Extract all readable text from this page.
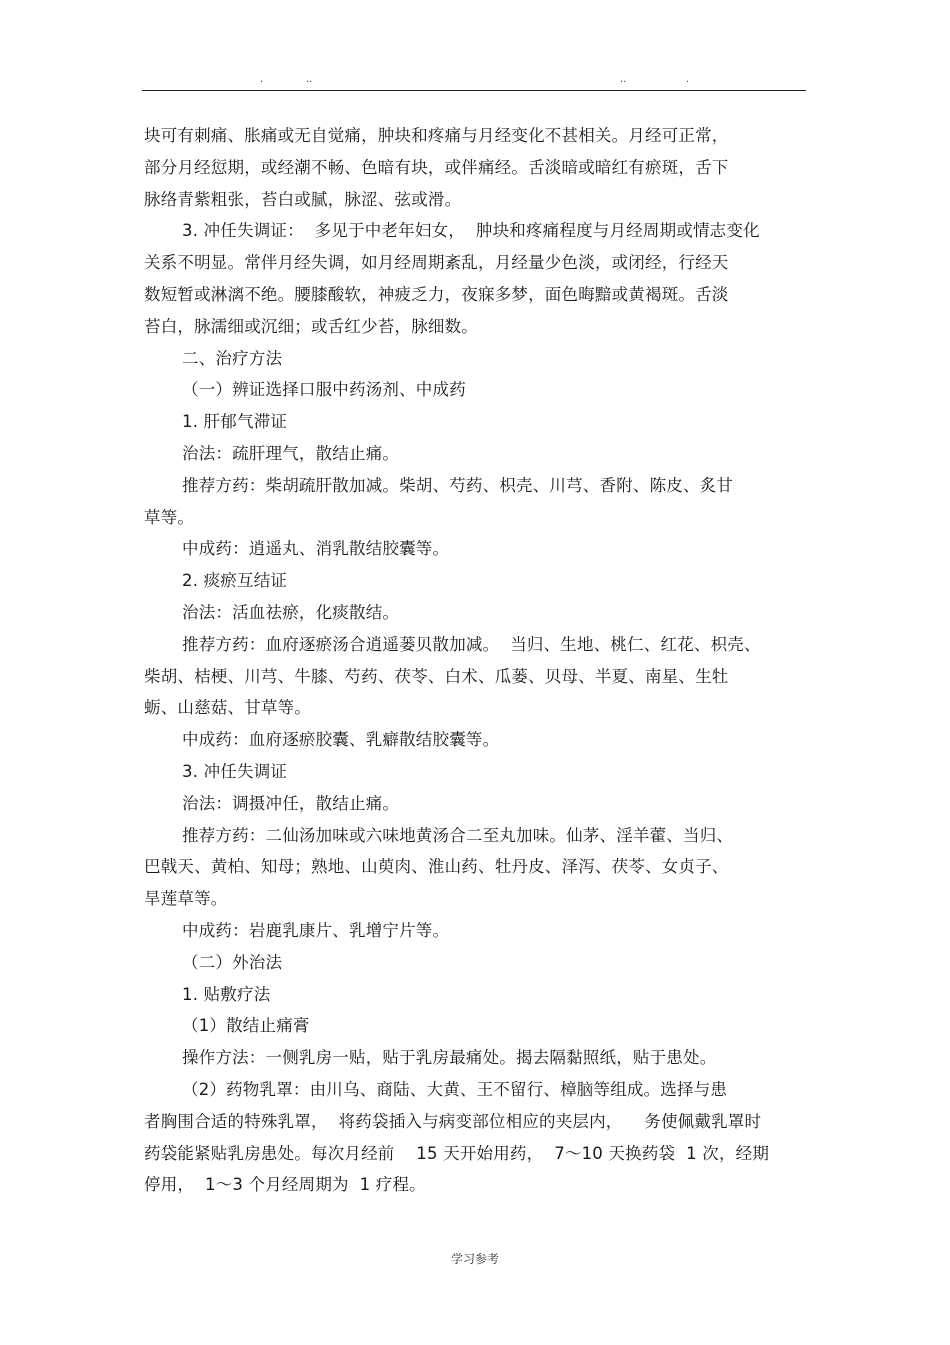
.	..	..	.
块可有刺痛、胀痛或无自觉痛，肿块和疼痛与月经变化不甚相关。月经可正常，
部分月经愆期，或经潮不畅、色暗有块，或伴痛经。舌淡暗或暗红有瘀斑，舌下
脉络青紫粗张，苔白或腻，脉涩、弦或滑。
3. 冲任失调证：  多见于中老年妇女，  肿块和疼痛程度与月经周期或情志变化
关系不明显。常伴月经失调，如月经周期紊乱，月经量少色淡，或闭经，行经天
数短暂或淋漓不绝。腰膝酸软，神疲乏力，夜寐多梦，面色晦黯或黄褐斑。舌淡
苔白，脉濡细或沉细；或舌红少苔，脉细数。
二、治疗方法
（一）辨证选择口服中药汤剂、中成药
1. 肝郁气滞证
治法：疏肝理气，散结止痛。
推荐方药：柴胡疏肝散加减。柴胡、芍药、枳壳、川芎、香附、陈皮、炙甘
草等。
中成药：逍遥丸、消乳散结胶囊等。
2. 痰瘀互结证
治法：活血祛瘀，化痰散结。
推荐方药：血府逐瘀汤合逍遥蒌贝散加减。  当归、生地、桃仁、红花、枳壳、
柴胡、桔梗、川芎、牛膝、芍药、茯苓、白术、瓜蒌、贝母、半夏、南星、生牡
蛎、山慈菇、甘草等。
中成药：血府逐瘀胶囊、乳癖散结胶囊等。
3. 冲任失调证
治法：调摄冲任，散结止痛。
推荐方药：二仙汤加味或六味地黄汤合二至丸加味。仙茅、淫羊藿、当归、
巴戟天、黄柏、知母；熟地、山萸肉、淮山药、牡丹皮、泽泻、茯苓、女贞子、
旱莲草等。
中成药：岩鹿乳康片、乳增宁片等。
（二）外治法
1. 贴敷疗法
（1）散结止痛膏
操作方法：一侧乳房一贴，贴于乳房最痛处。揭去隔黏照纸，贴于患处。
（2）药物乳罩：由川乌、商陆、大黄、王不留行、樟脑等组成。选择与患
者胸围合适的特殊乳罩，  将药袋插入与病变部位相应的夹层内，    务使佩戴乳罩时
药袋能紧贴乳房患处。每次月经前    15 天开始用药，  7～10 天换药袋  1 次，经期
停用，  1～3 个月经周期为  1 疗程。
学习参考
